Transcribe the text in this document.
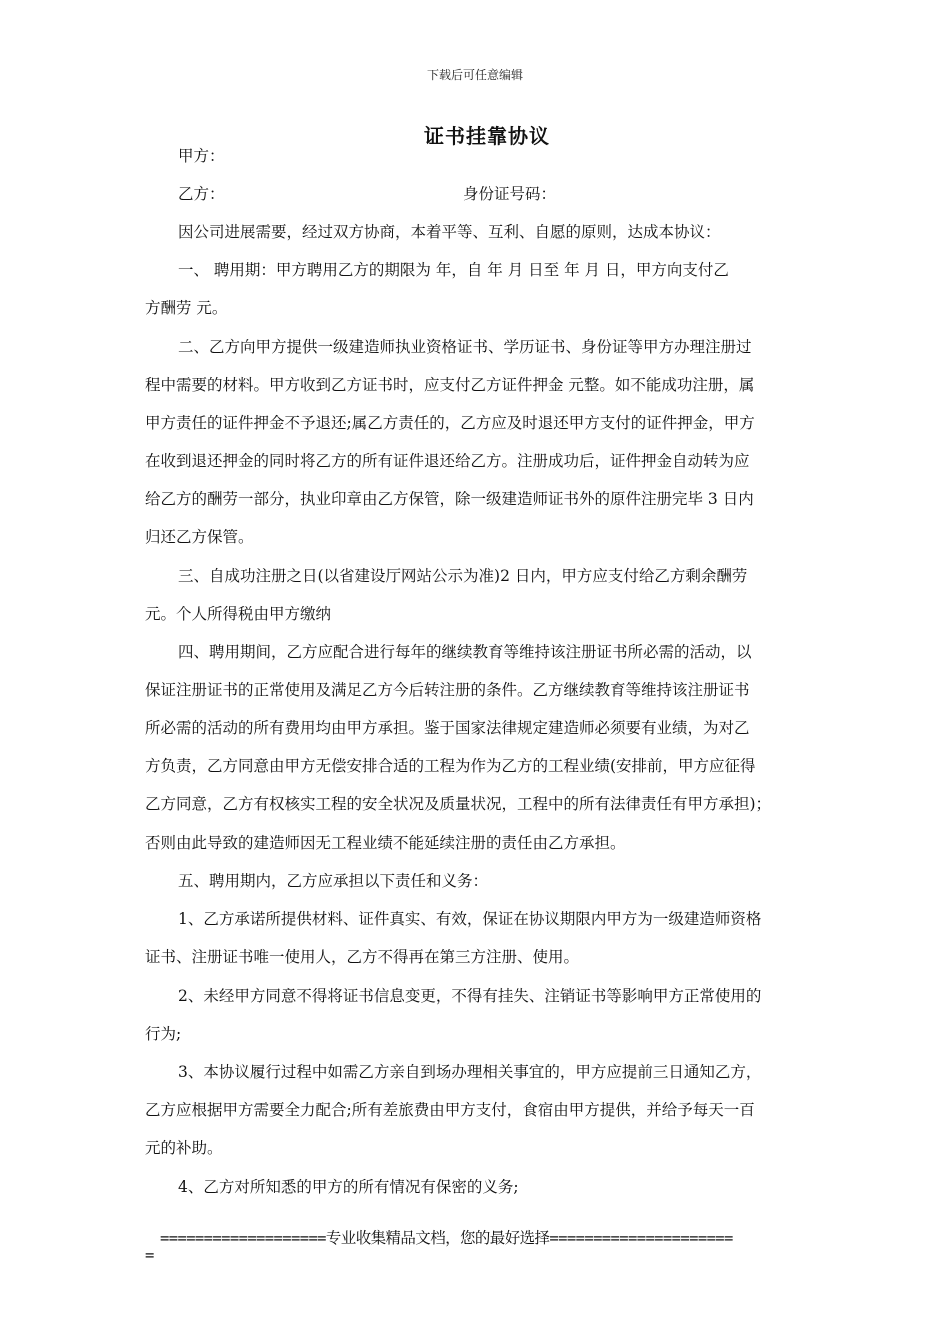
下载后可任意编辑
证书挂靠协议
甲方：
乙方：	身份证号码：
因公司进展需要，经过双方协商，本着平等、互利、自愿的原则，达成本协议：
一、 聘用期：甲方聘用乙方的期限为 年，自 年 月 日至 年 月 日，甲方向支付乙
方酬劳 元。
二、乙方向甲方提供一级建造师执业资格证书、学历证书、身份证等甲方办理注册过
程中需要的材料。甲方收到乙方证书时，应支付乙方证件押金 元整。如不能成功注册，属
甲方责任的证件押金不予退还;属乙方责任的，乙方应及时退还甲方支付的证件押金，甲方
在收到退还押金的同时将乙方的所有证件退还给乙方。注册成功后，证件押金自动转为应
给乙方的酬劳一部分，执业印章由乙方保管，除一级建造师证书外的原件注册完毕 3 日内
归还乙方保管。
三、自成功注册之日(以省建设厅网站公示为准)2 日内，甲方应支付给乙方剩余酬劳
元。个人所得税由甲方缴纳
四、聘用期间，乙方应配合进行每年的继续教育等维持该注册证书所必需的活动，以
保证注册证书的正常使用及满足乙方今后转注册的条件。乙方继续教育等维持该注册证书
所必需的活动的所有费用均由甲方承担。鉴于国家法律规定建造师必须要有业绩，为对乙
方负责，乙方同意由甲方无偿安排合适的工程为作为乙方的工程业绩(安排前，甲方应征得
乙方同意，乙方有权核实工程的安全状况及质量状况，工程中的所有法律责任有甲方承担)；
否则由此导致的建造师因无工程业绩不能延续注册的责任由乙方承担。
五、聘用期内，乙方应承担以下责任和义务：
1、乙方承诺所提供材料、证件真实、有效，保证在协议期限内甲方为一级建造师资格
证书、注册证书唯一使用人，乙方不得再在第三方注册、使用。
2、未经甲方同意不得将证书信息变更，不得有挂失、注销证书等影响甲方正常使用的
行为;
3、本协议履行过程中如需乙方亲自到场办理相关事宜的，甲方应提前三日通知乙方，
乙方应根据甲方需要全力配合;所有差旅费由甲方支付，食宿由甲方提供，并给予每天一百
元的补助。
4、乙方对所知悉的甲方的所有情况有保密的义务;
===================专业收集精品文档，您的最好选择=====================
=
